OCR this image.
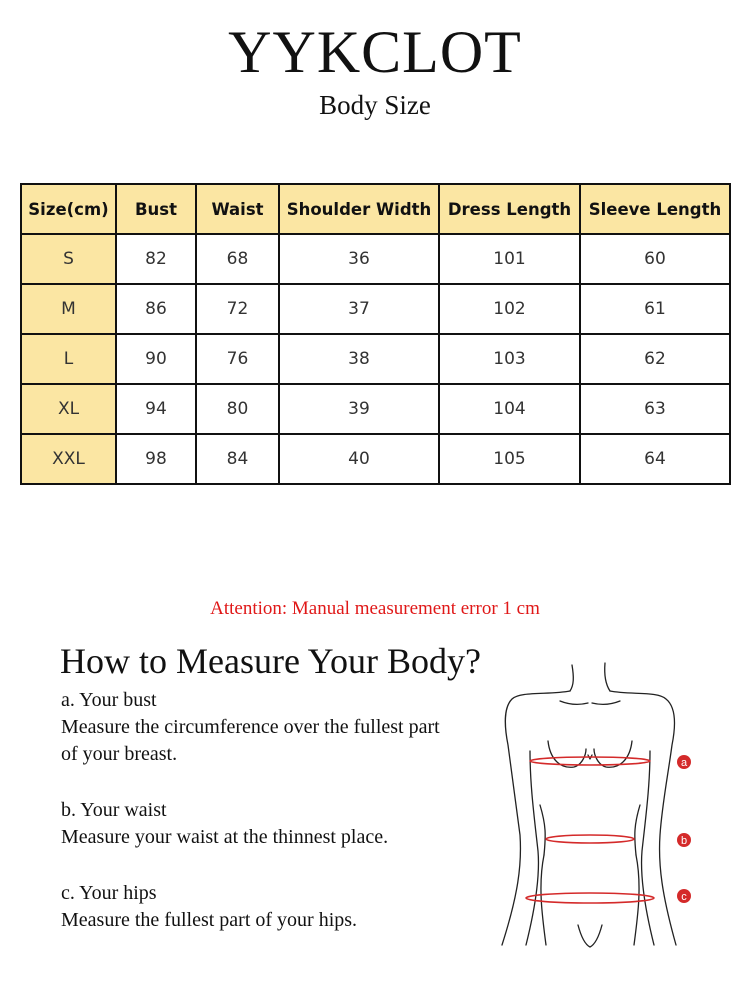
YYKCLOT
Body Size
Size(cm)	Bust	Waist	Shoulder Width	Dress Length	Sleeve Length
S	82	68	36	101	60
M	86	72	37	102	61
L	90	76	38	103	62
XL	94	80	39	104	63
XXL	98	84	40	105	64
Attention: Manual measurement error 1 cm
How to Measure Your Body?
a. Your bust
Measure the circumference over the fullest part
of your breast.
b. Your waist
Measure your waist at the thinnest place.
c. Your hips
Measure the fullest part of your hips.
a
b
c
